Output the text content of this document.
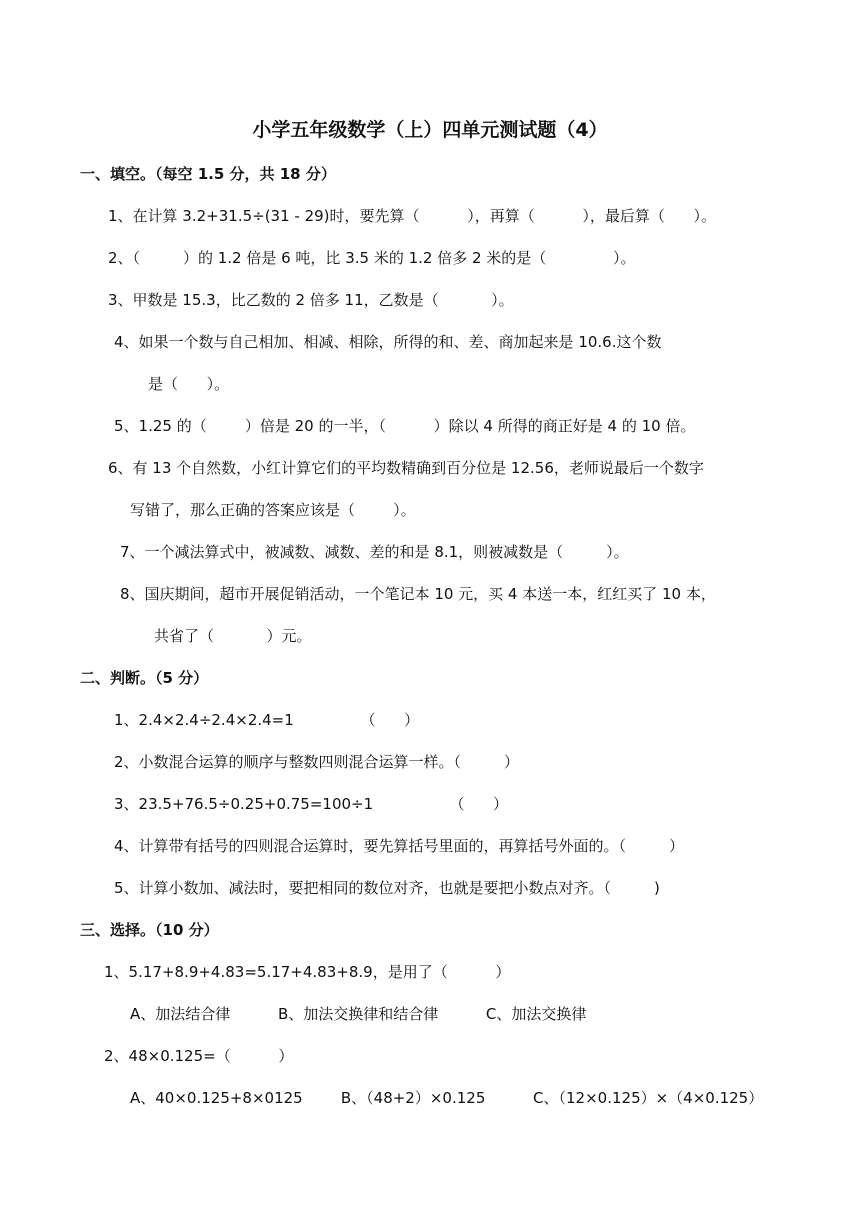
小学五年级数学（上）四单元测试题（4）
一、填空。（每空 1.5 分，共 18 分）
1、在计算 3.2+31.5÷(31 - 29)时，要先算（          ），再算（          ），最后算（      ）。
2、（         ）的 1.2 倍是 6 吨，比 3.5 米的 1.2 倍多 2 米的是（              ）。
3、甲数是 15.3，比乙数的 2 倍多 11，乙数是（           ）。
4、如果一个数与自己相加、相减、相除，所得的和、差、商加起来是 10.6.这个数
是（      ）。
5、1.25 的（        ）倍是 20 的一半，（          ）除以 4 所得的商正好是 4 的 10 倍。
6、有 13 个自然数，小红计算它们的平均数精确到百分位是 12.56，老师说最后一个数字
写错了，那么正确的答案应该是（        ）。
7、一个减法算式中，被减数、减数、差的和是 8.1，则被减数是（         ）。
8、国庆期间，超市开展促销活动，一个笔记本 10 元，买 4 本送一本，红红买了 10 本，
共省了（           ）元。
二、判断。（5 分）
1、2.4×2.4÷2.4×2.4=1              （      ）
2、小数混合运算的顺序与整数四则混合运算一样。（         ）
3、23.5+76.5÷0.25+0.75=100÷1                （      ）
4、计算带有括号的四则混合运算时，要先算括号里面的，再算括号外面的。（         ）
5、计算小数加、减法时，要把相同的数位对齐，也就是要把小数点对齐。（         )
三、选择。（10 分）
1、5.17+8.9+4.83=5.17+4.83+8.9，是用了（          ）
A、加法结合律          B、加法交换律和结合律          C、加法交换律
2、48×0.125=（          ）
A、40×0.125+8×0125        B、（48+2）×0.125          C、（12×0.125）×（4×0.125）
